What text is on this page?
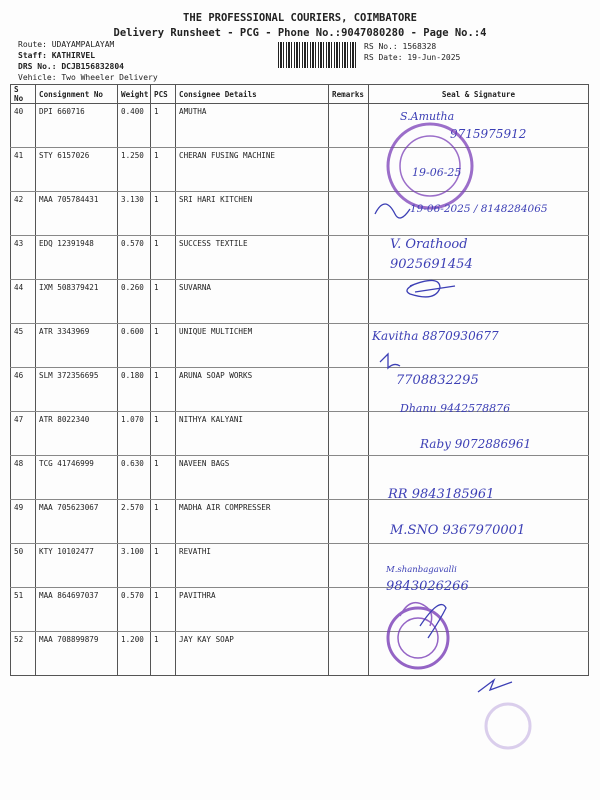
THE PROFESSIONAL COURIERS, COIMBATORE
Delivery Runsheet - PCG - Phone No.:9047080280 - Page No.:4
Route: UDAYAMPALAYAM
Staff: KATHIRVEL
DRS No.: DCJB156832804
Vehicle: Two Wheeler Delivery
RS No.: 1568328
RS Date: 19-Jun-2025
S No	Consignment No	Weight	PCS	Consignee Details	Remarks	Seal & Signature
40	DPI 660716	0.400	1	AMUTHA		
41	STY 6157026	1.250	1	CHERAN FUSING MACHINE		
42	MAA 705784431	3.130	1	SRI HARI KITCHEN		
43	EDQ 12391948	0.570	1	SUCCESS TEXTILE		
44	IXM 508379421	0.260	1	SUVARNA		
45	ATR 3343969	0.600	1	UNIQUE MULTICHEM		
46	SLM 372356695	0.180	1	ARUNA SOAP WORKS		
47	ATR 8022340	1.070	1	NITHYA KALYANI		
48	TCG 41746999	0.630	1	NAVEEN BAGS		
49	MAA 705623067	2.570	1	MADHA AIR COMPRESSER		
50	KTY 10102477	3.100	1	REVATHI		
51	MAA 864697037	0.570	1	PAVITHRA		
52	MAA 708899879	1.200	1	JAY KAY SOAP		
S.Amutha
9715975912
19-06-25
19-06-2025 / 8148284065
V. Orathood
9025691454
Kavitha 8870930677
7708832295
Dhanu 9442578876
Raby 9072886961
RR 9843185961
M.SNO 9367970001
M.shanbagavalli
9843026266
